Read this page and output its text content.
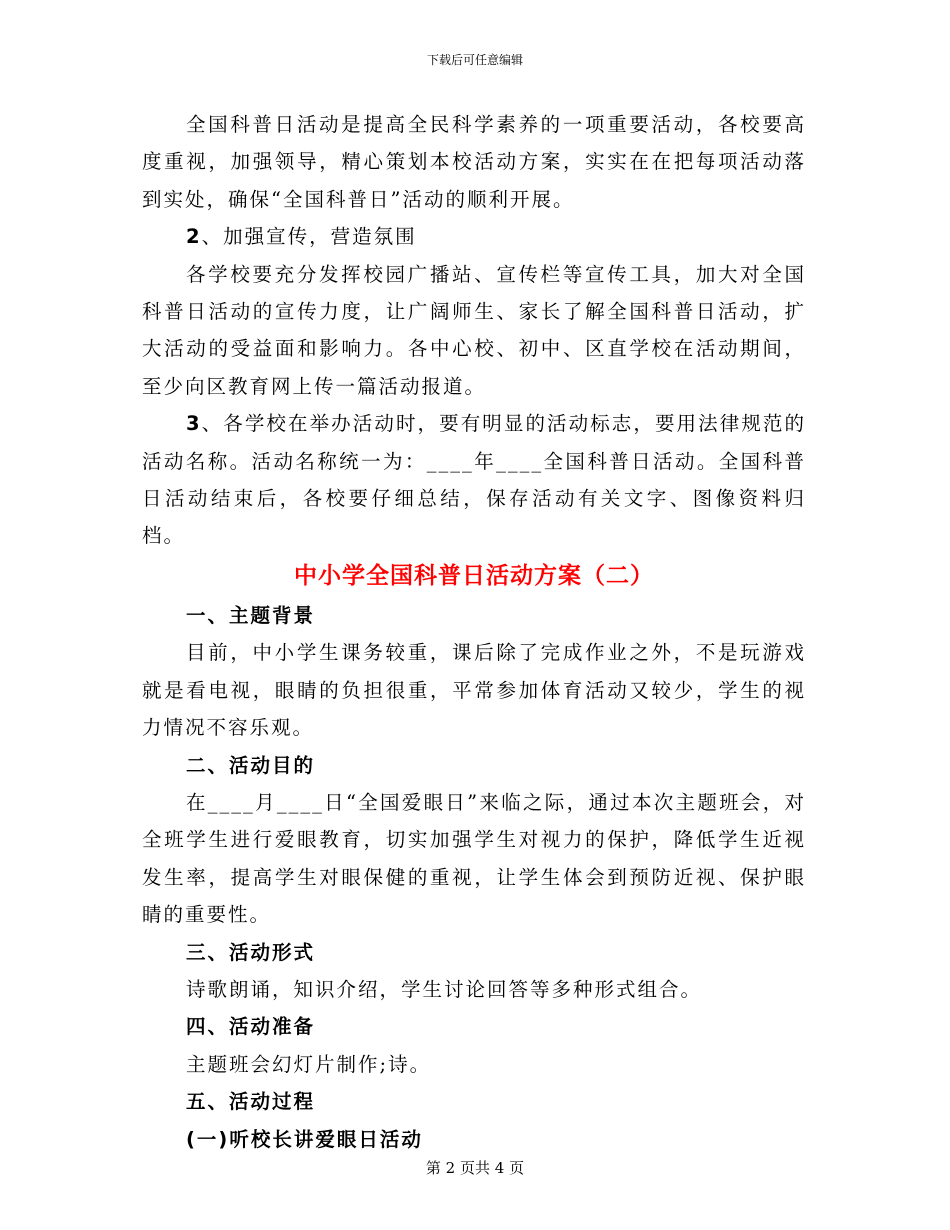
下载后可任意编辑

全国科普日活动是提高全民科学素养的一项重要活动，各校要高度重视，加强领导，精心策划本校活动方案，实实在在把每项活动落到实处，确保“全国科普日”活动的顺利开展。

2、加强宣传，营造氛围

各学校要充分发挥校园广播站、宣传栏等宣传工具，加大对全国科普日活动的宣传力度，让广阔师生、家长了解全国科普日活动，扩大活动的受益面和影响力。各中心校、初中、区直学校在活动期间，至少向区教育网上传一篇活动报道。

3、各学校在举办活动时，要有明显的活动标志，要用法律规范的活动名称。活动名称统一为：____年____全国科普日活动。全国科普日活动结束后，各校要仔细总结，保存活动有关文字、图像资料归档。

中小学全国科普日活动方案（二）

一、主题背景

目前，中小学生课务较重，课后除了完成作业之外，不是玩游戏就是看电视，眼睛的负担很重，平常参加体育活动又较少，学生的视力情况不容乐观。

二、活动目的

在____月____日“全国爱眼日”来临之际，通过本次主题班会，对全班学生进行爱眼教育，切实加强学生对视力的保护，降低学生近视发生率，提高学生对眼保健的重视，让学生体会到预防近视、保护眼睛的重要性。

三、活动形式

诗歌朗诵，知识介绍，学生讨论回答等多种形式组合。

四、活动准备

主题班会幻灯片制作;诗。

五、活动过程

(一)听校长讲爱眼日活动

第 2 页共 4 页
